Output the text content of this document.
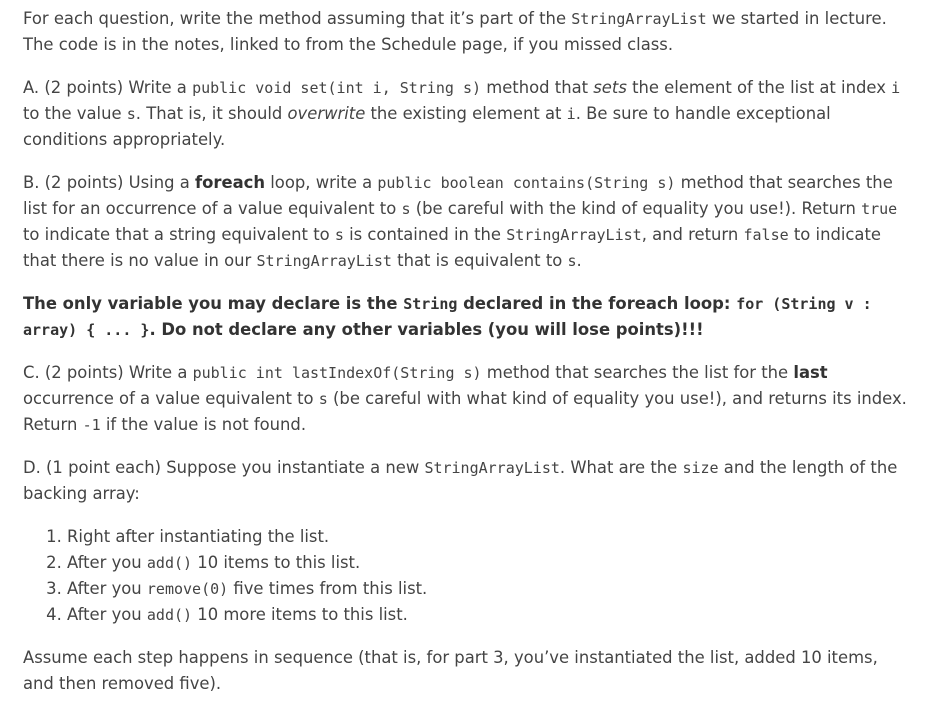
For each question, write the method assuming that it’s part of the StringArrayList we started in lecture. The code is in the notes, linked to from the Schedule page, if you missed class.

A. (2 points) Write a public void set(int i, String s) method that sets the element of the list at index i to the value s. That is, it should overwrite the existing element at i. Be sure to handle exceptional conditions appropriately.

B. (2 points) Using a foreach loop, write a public boolean contains(String s) method that searches the list for an occurrence of a value equivalent to s (be careful with the kind of equality you use!). Return true to indicate that a string equivalent to s is contained in the StringArrayList, and return false to indicate that there is no value in our StringArrayList that is equivalent to s.

The only variable you may declare is the String declared in the foreach loop: for (String v : array) { ... }. Do not declare any other variables (you will lose points)!!!

C. (2 points) Write a public int lastIndexOf(String s) method that searches the list for the last occurrence of a value equivalent to s (be careful with what kind of equality you use!), and returns its index. Return -1 if the value is not found.

D. (1 point each) Suppose you instantiate a new StringArrayList. What are the size and the length of the backing array:

1. Right after instantiating the list.
2. After you add() 10 items to this list.
3. After you remove(0) five times from this list.
4. After you add() 10 more items to this list.

Assume each step happens in sequence (that is, for part 3, you’ve instantiated the list, added 10 items, and then removed five).
